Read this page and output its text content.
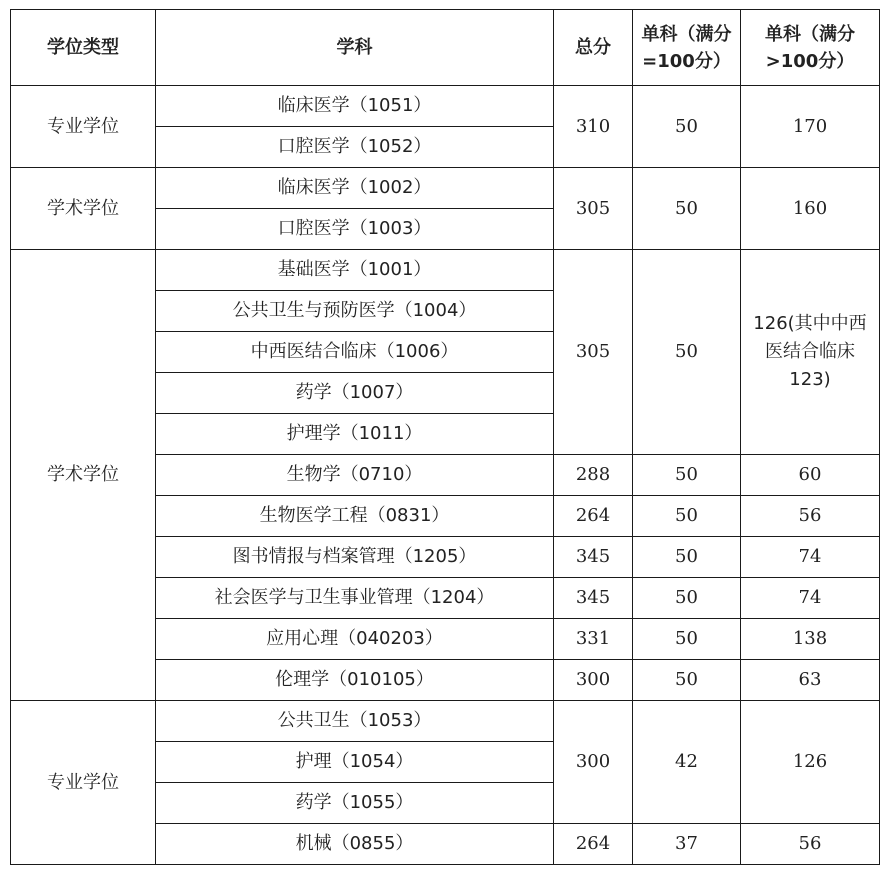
学位类型	学科	总分	单科（满分=100分）	单科（满分>100分）
专业学位	临床医学（1051）	310	50	170
	口腔医学（1052）			
学术学位	临床医学（1002）	305	50	160
	口腔医学（1003）			
学术学位	基础医学（1001）	305	50	126(其中中西医结合临床123)
	公共卫生与预防医学（1004）			
	中西医结合临床（1006）			
	药学（1007）			
	护理学（1011）			
	生物学（0710）	288	50	60
	生物医学工程（0831）	264	50	56
	图书情报与档案管理（1205）	345	50	74
	社会医学与卫生事业管理（1204）	345	50	74
	应用心理（040203）	331	50	138
	伦理学（010105）	300	50	63
专业学位	公共卫生（1053）	300	42	126
	护理（1054）			
	药学（1055）			
	机械（0855）	264	37	56
